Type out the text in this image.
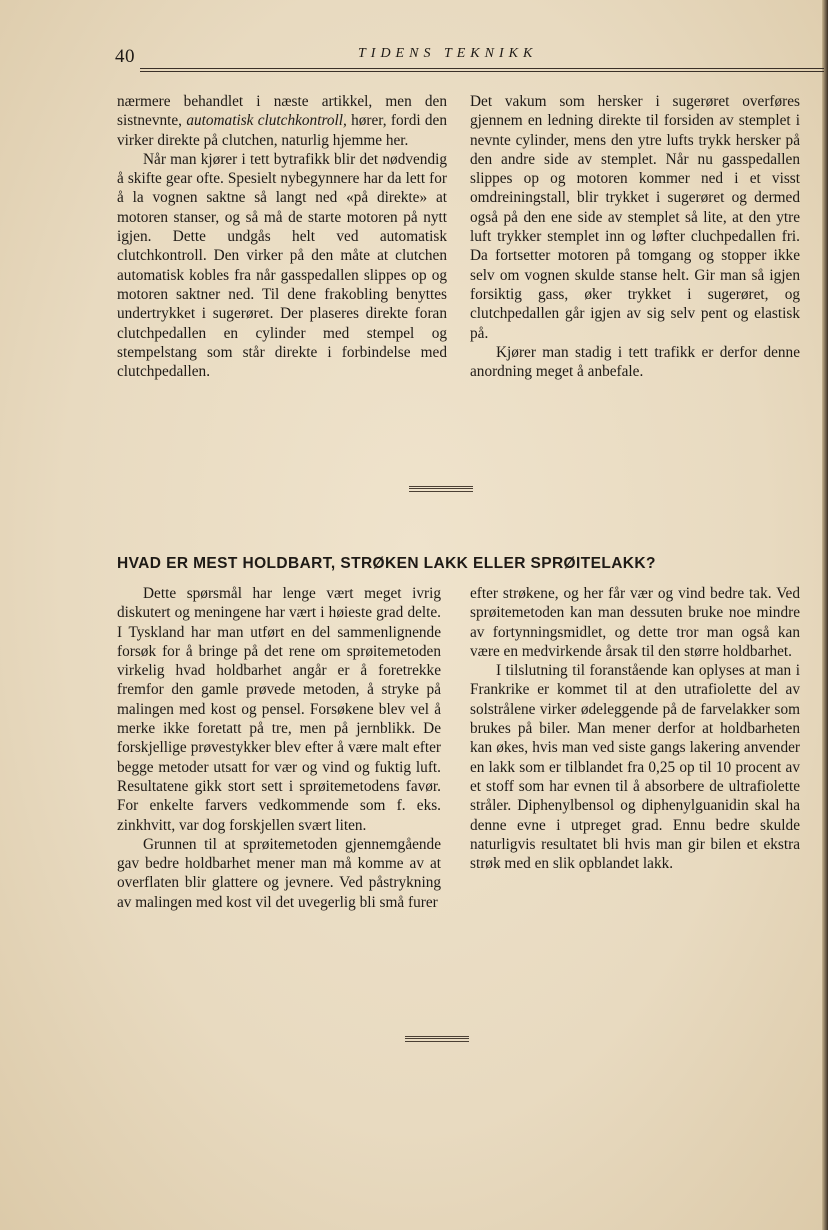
40	TIDENS TEKNIKK

nærmere behandlet i næste artikkel, men den sistnevnte, automatisk clutchkontroll, hører, fordi den virker direkte på clutchen, naturlig hjemme her.

Når man kjører i tett bytrafikk blir det nødvendig å skifte gear ofte. Spesielt nybegynnere har da lett for å la vognen saktne så langt ned «på direkte» at motoren stanser, og så må de starte motoren på nytt igjen. Dette undgås helt ved automatisk clutchkontroll. Den virker på den måte at clutchen automatisk kobles fra når gasspedallen slippes op og motoren saktner ned. Til dene frakobling benyttes undertrykket i sugerøret. Der plaseres direkte foran clutchpedallen en cylinder med stempel og stempelstang som står direkte i forbindelse med clutchpedallen.

Det vakum som hersker i sugerøret overføres gjennem en ledning direkte til forsiden av stemplet i nevnte cylinder, mens den ytre lufts trykk hersker på den andre side av stemplet. Når nu gasspedallen slippes op og motoren kommer ned i et visst omdreiningstall, blir trykket i sugerøret og dermed også på den ene side av stemplet så lite, at den ytre luft trykker stemplet inn og løfter cluchpedallen fri. Da fortsetter motoren på tomgang og stopper ikke selv om vognen skulde stanse helt. Gir man så igjen forsiktig gass, øker trykket i sugerøret, og clutchpedallen går igjen av sig selv pent og elastisk på.

Kjører man stadig i tett trafikk er derfor denne anordning meget å anbefale.

HVAD ER MEST HOLDBART, STRØKEN LAKK ELLER SPRØITELAKK?

Dette spørsmål har lenge vært meget ivrig diskutert og meningene har vært i høieste grad delte. I Tyskland har man utført en del sammenlignende forsøk for å bringe på det rene om sprøitemetoden virkelig hvad holdbarhet angår er å foretrekke fremfor den gamle prøvede metoden, å stryke på malingen med kost og pensel. Forsøkene blev vel å merke ikke foretatt på tre, men på jernblikk. De forskjellige prøvestykker blev efter å være malt efter begge metoder utsatt for vær og vind og fuktig luft. Resultatene gikk stort sett i sprøitemetodens favør. For enkelte farvers vedkommende som f. eks. zinkhvitt, var dog forskjellen svært liten.

Grunnen til at sprøitemetoden gjennemgående gav bedre holdbarhet mener man må komme av at overflaten blir glattere og jevnere. Ved påstrykning av malingen med kost vil det uvegerlig bli små furer

efter strøkene, og her får vær og vind bedre tak. Ved sprøitemetoden kan man dessuten bruke noe mindre av fortynningsmidlet, og dette tror man også kan være en medvirkende årsak til den større holdbarhet.

I tilslutning til foranstående kan oplyses at man i Frankrike er kommet til at den utrafiolette del av solstrålene virker ødeleggende på de farvelakker som brukes på biler. Man mener derfor at holdbarheten kan økes, hvis man ved siste gangs lakering anvender en lakk som er tilblandet fra 0,25 op til 10 procent av et stoff som har evnen til å absorbere de ultrafiolette stråler. Diphenylbensol og diphenylguanidin skal ha denne evne i utpreget grad. Ennu bedre skulde naturligvis resultatet bli hvis man gir bilen et ekstra strøk med en slik opblandet lakk.
